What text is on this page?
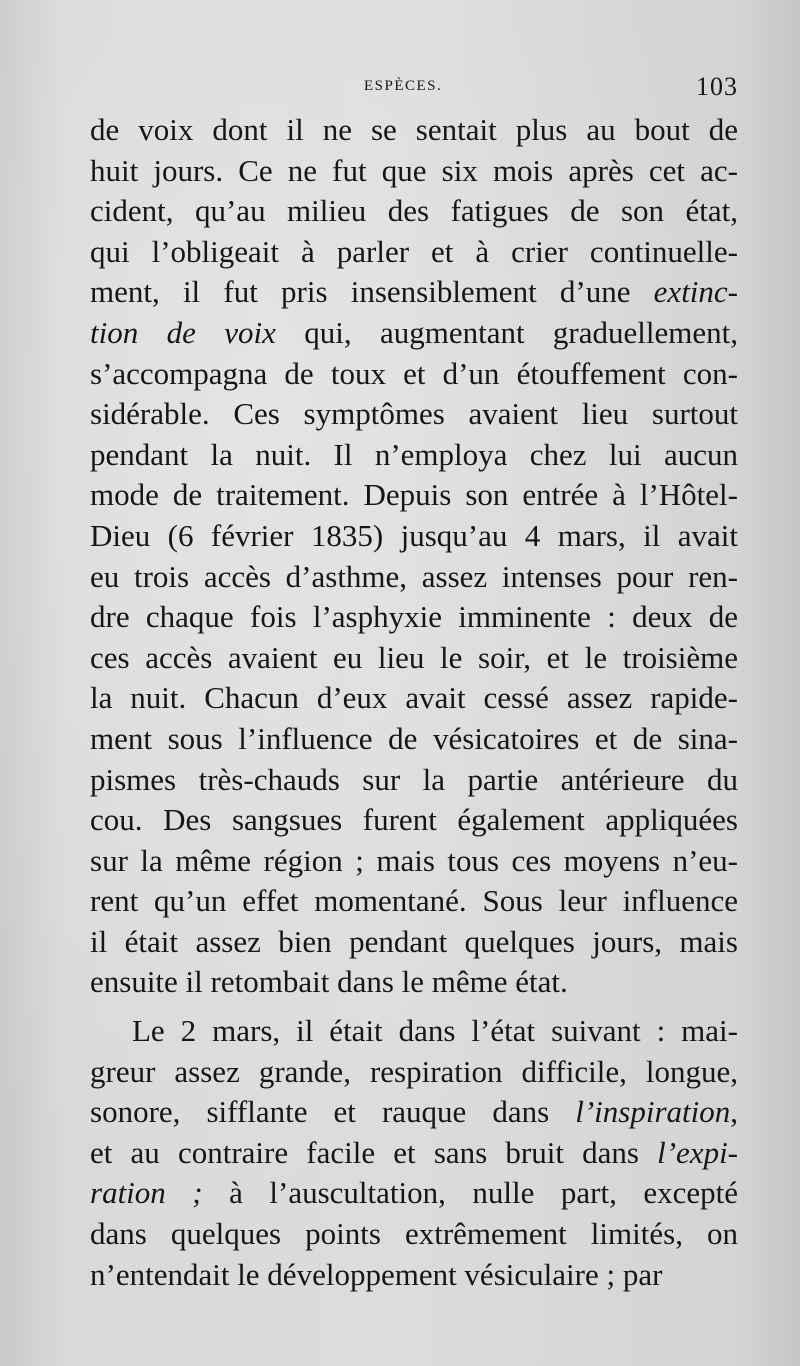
ESPÈCES.	103
de voix dont il ne se sentait plus au bout de
huit jours. Ce ne fut que six mois après cet ac-
cident, qu’au milieu des fatigues de son état,
qui l’obligeait à parler et à crier continuelle-
ment, il fut pris insensiblement d’une extinc-
tion de voix qui, augmentant graduellement,
s’accompagna de toux et d’un étouffement con-
sidérable. Ces symptômes avaient lieu surtout
pendant la nuit. Il n’employa chez lui aucun
mode de traitement. Depuis son entrée à l’Hôtel-
Dieu (6 février 1835) jusqu’au 4 mars, il avait
eu trois accès d’asthme, assez intenses pour ren-
dre chaque fois l’asphyxie imminente : deux de
ces accès avaient eu lieu le soir, et le troisième
la nuit. Chacun d’eux avait cessé assez rapide-
ment sous l’influence de vésicatoires et de sina-
pismes très-chauds sur la partie antérieure du
cou. Des sangsues furent également appliquées
sur la même région ; mais tous ces moyens n’eu-
rent qu’un effet momentané. Sous leur influence
il était assez bien pendant quelques jours, mais
ensuite il retombait dans le même état.
Le 2 mars, il était dans l’état suivant : mai-
greur assez grande, respiration difficile, longue,
sonore, sifflante et rauque dans l’inspiration,
et au contraire facile et sans bruit dans l’expi-
ration ; à l’auscultation, nulle part, excepté
dans quelques points extrêmement limités, on
n’entendait le développement vésiculaire ; par
